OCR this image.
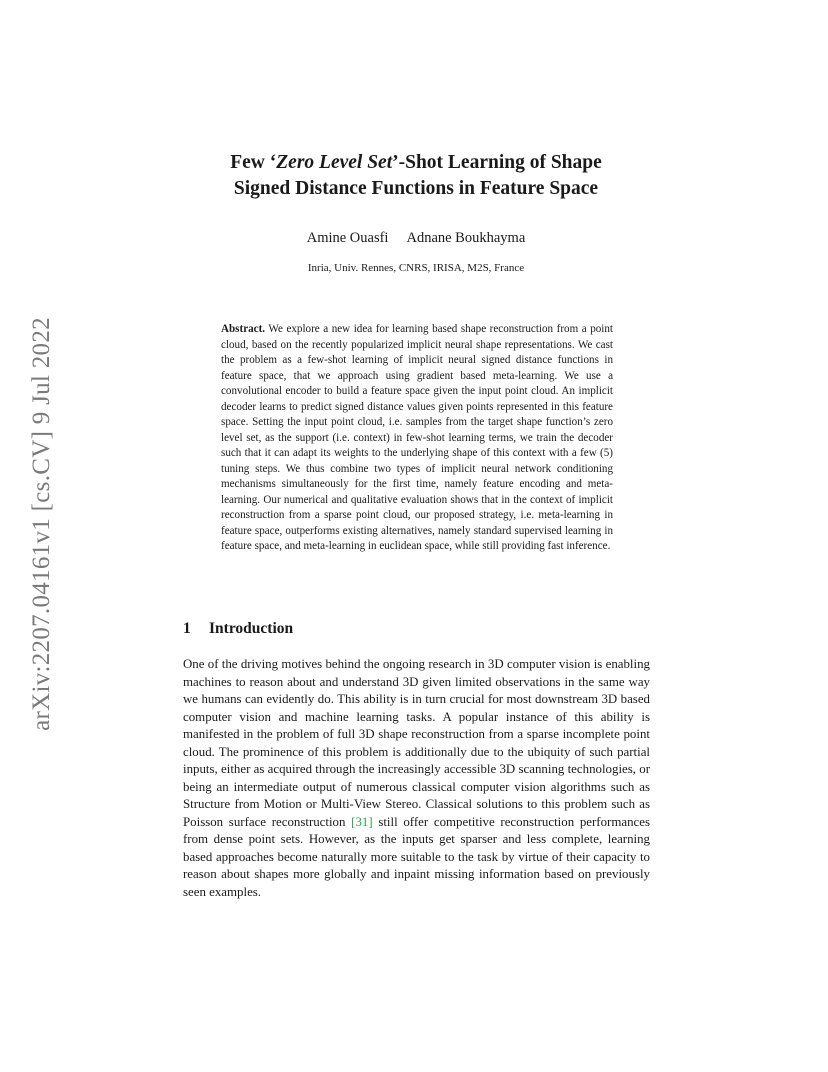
arXiv:2207.04161v1 [cs.CV] 9 Jul 2022
Few ‘Zero Level Set’-Shot Learning of Shape
Signed Distance Functions in Feature Space

Amine Ouasfi Adnane Boukhayma

Inria, Univ. Rennes, CNRS, IRISA, M2S, France

Abstract. We explore a new idea for learning based shape reconstruction from a point cloud, based on the recently popularized implicit neural shape representations. We cast the problem as a few-shot learning of implicit neural signed distance functions in feature space, that we approach using gradient based meta-learning. We use a convolutional encoder to build a feature space given the input point cloud. An implicit decoder learns to predict signed distance values given points represented in this feature space. Setting the input point cloud, i.e. samples from the target shape function’s zero level set, as the support (i.e. context) in few-shot learning terms, we train the decoder such that it can adapt its weights to the underlying shape of this context with a few (5) tuning steps. We thus combine two types of implicit neural network conditioning mechanisms simultaneously for the first time, namely feature encoding and meta-learning. Our numerical and qualitative evaluation shows that in the context of implicit reconstruction from a sparse point cloud, our proposed strategy, i.e. meta-learning in feature space, outperforms existing alternatives, namely standard supervised learning in feature space, and meta-learning in euclidean space, while still providing fast inference.

1 Introduction

One of the driving motives behind the ongoing research in 3D computer vision is enabling machines to reason about and understand 3D given limited observations in the same way we humans can evidently do. This ability is in turn crucial for most downstream 3D based computer vision and machine learning tasks. A popular instance of this ability is manifested in the problem of full 3D shape reconstruction from a sparse incomplete point cloud. The prominence of this problem is additionally due to the ubiquity of such partial inputs, either as acquired through the increasingly accessible 3D scanning technologies, or being an intermediate output of numerous classical computer vision algorithms such as Structure from Motion or Multi-View Stereo. Classical solutions to this problem such as Poisson surface reconstruction [31] still offer competitive reconstruction performances from dense point sets. However, as the inputs get sparser and less complete, learning based approaches become naturally more suitable to the task by virtue of their capacity to reason about shapes more globally and inpaint missing information based on previously seen examples.
